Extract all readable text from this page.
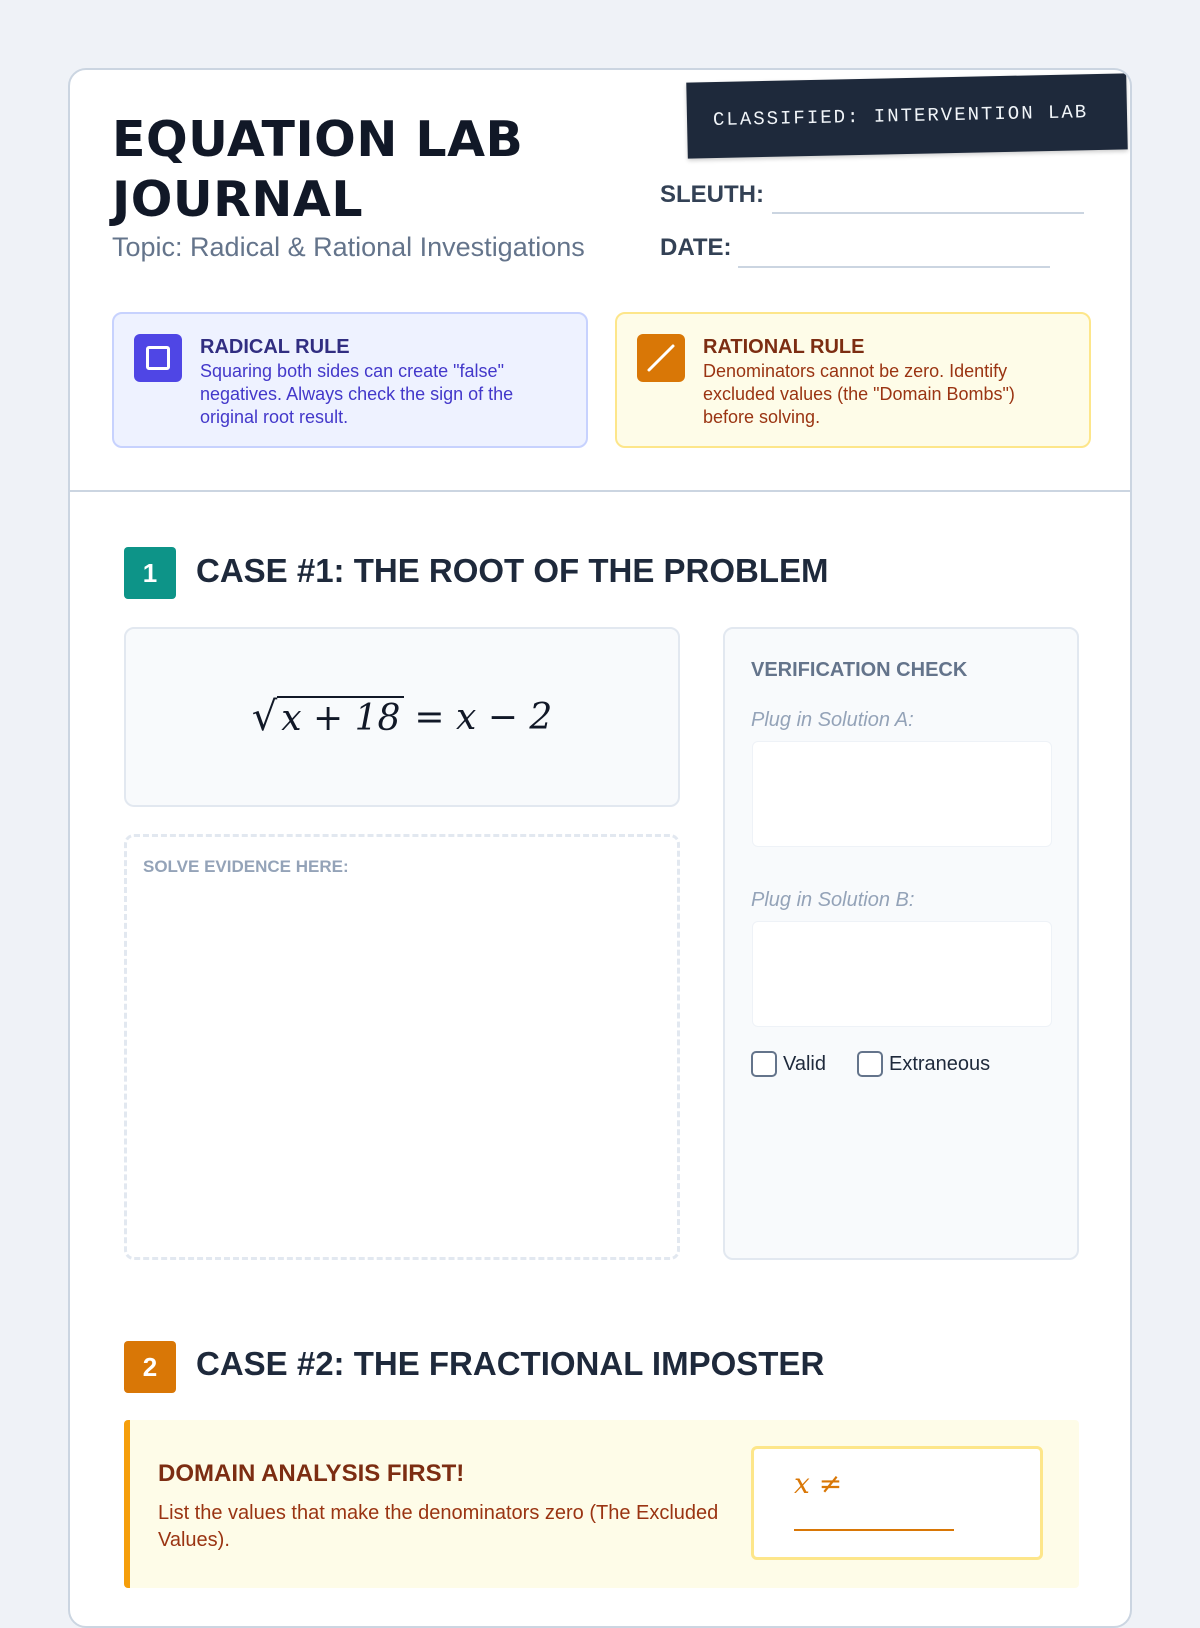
CLASSIFIED: INTERVENTION LAB
EQUATION LAB
JOURNAL
Topic: Radical & Rational Investigations
SLEUTH:
DATE:
RADICAL RULE
Squaring both sides can create "false" negatives. Always check the sign of the original root result.
RATIONAL RULE
Denominators cannot be zero. Identify excluded values (the "Domain Bombs") before solving.
1	CASE #1: THE ROOT OF THE PROBLEM
√ x + 18 = x − 2
SOLVE EVIDENCE HERE:
VERIFICATION CHECK
Plug in Solution A:
Plug in Solution B:
Valid	Extraneous
2	CASE #2: THE FRACTIONAL IMPOSTER
DOMAIN ANALYSIS FIRST!
List the values that make the denominators zero (The Excluded Values).
x ≠
